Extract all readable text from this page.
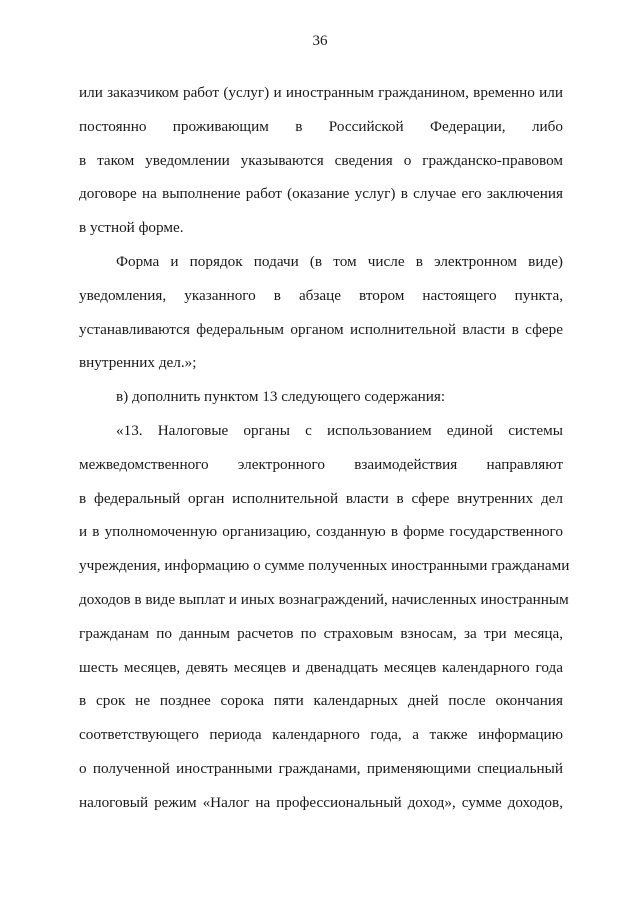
36
или заказчиком работ (услуг) и иностранным гражданином, временно или
постоянно проживающим в Российской Федерации, либо
в таком уведомлении указываются сведения о гражданско-правовом
договоре на выполнение работ (оказание услуг) в случае его заключения
в устной форме.
Форма и порядок подачи (в том числе в электронном виде)
уведомления, указанного в абзаце втором настоящего пункта,
устанавливаются федеральным органом исполнительной власти в сфере
внутренних дел.»;
в) дополнить пунктом 13 следующего содержания:
«13. Налоговые органы с использованием единой системы
межведомственного электронного взаимодействия направляют
в федеральный орган исполнительной власти в сфере внутренних дел
и в уполномоченную организацию, созданную в форме государственного
учреждения, информацию о сумме полученных иностранными гражданами
доходов в виде выплат и иных вознаграждений, начисленных иностранным
гражданам по данным расчетов по страховым взносам, за три месяца,
шесть месяцев, девять месяцев и двенадцать месяцев календарного года
в срок не позднее сорока пяти календарных дней после окончания
соответствующего периода календарного года, а также информацию
о полученной иностранными гражданами, применяющими специальный
налоговый режим «Налог на профессиональный доход», сумме доходов,
